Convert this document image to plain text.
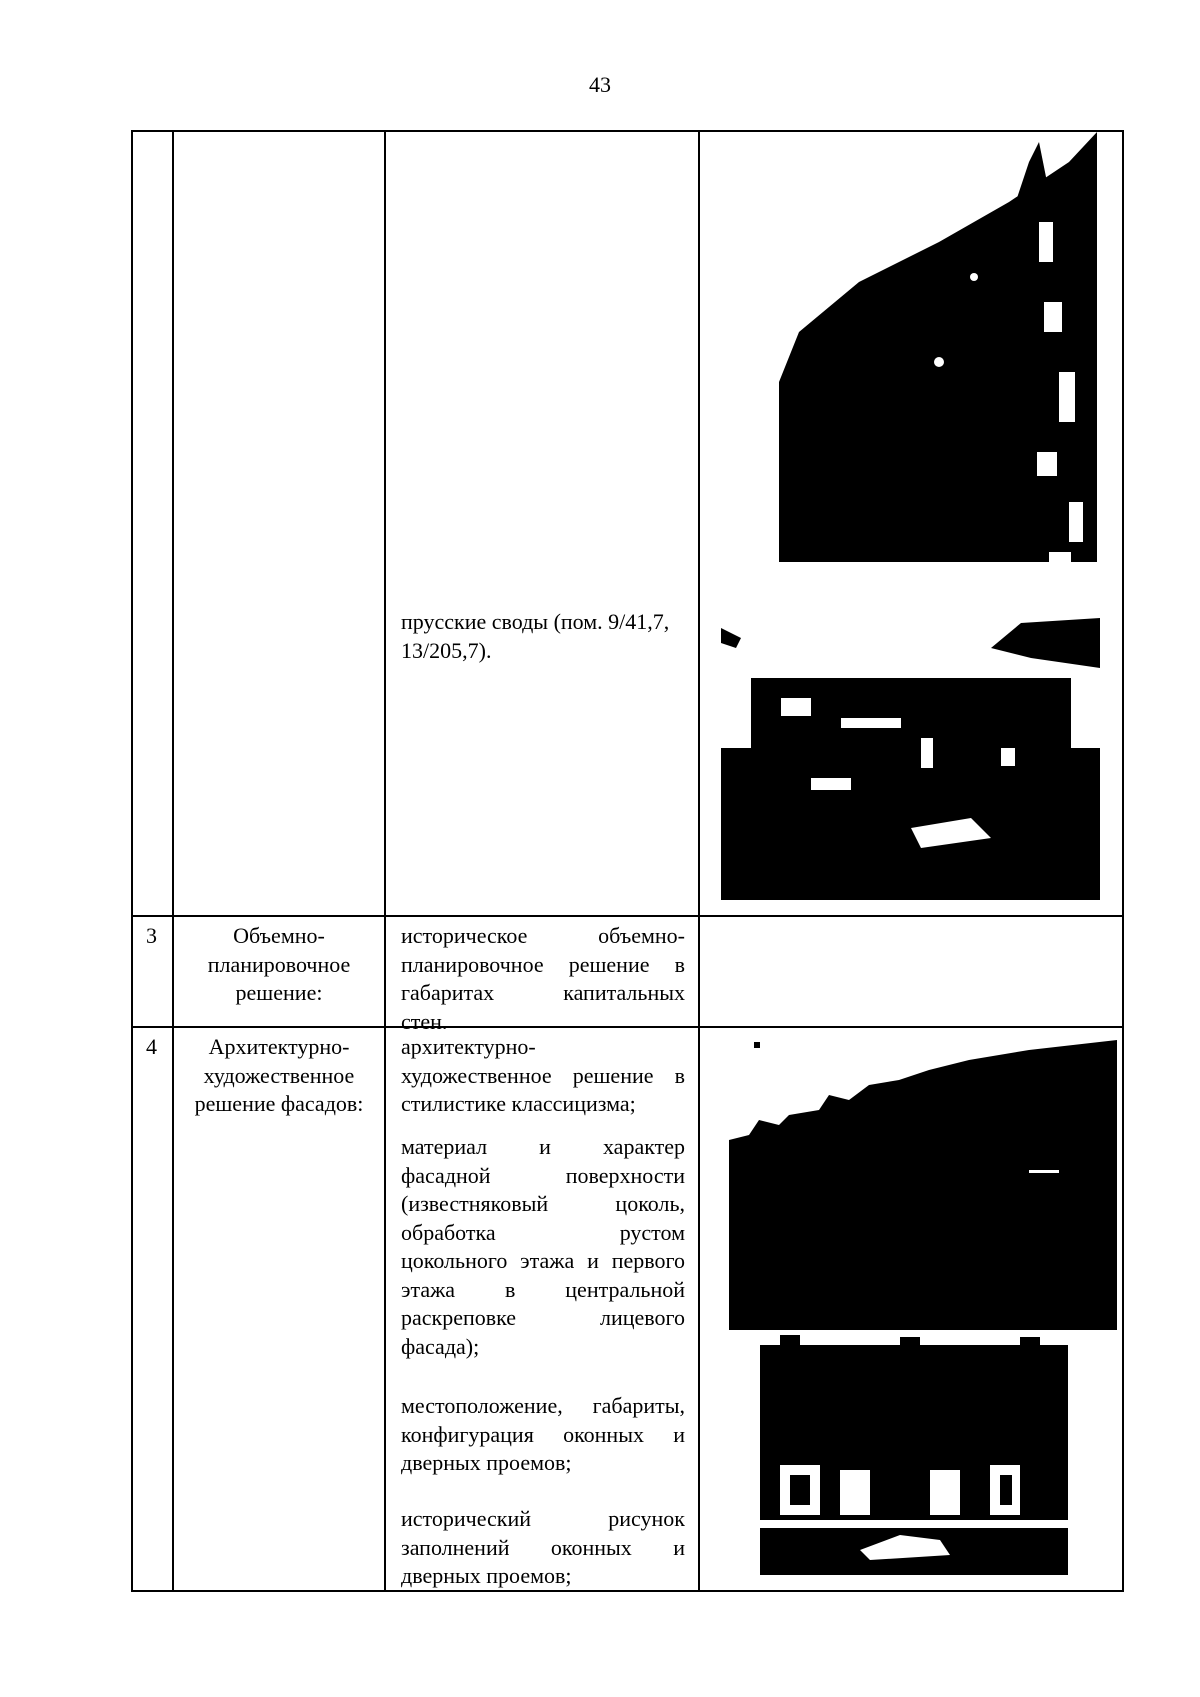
43
прусские своды (пом. 9/41,7,
13/205,7).
3	Объемно-
планировочное
решение:
историческое объемно-
планировочное решение в
габаритах капитальных
стен.
4	Архитектурно-
художественное
решение фасадов:
архитектурно-
художественное решение в
стилистике классицизма;
материал и характер
фасадной поверхности
(известняковый цоколь,
обработка рустом
цокольного этажа и первого
этажа в центральной
раскреповке лицевого
фасада);
местоположение, габариты,
конфигурация оконных и
дверных проемов;
исторический рисунок
заполнений оконных и
дверных проемов;
